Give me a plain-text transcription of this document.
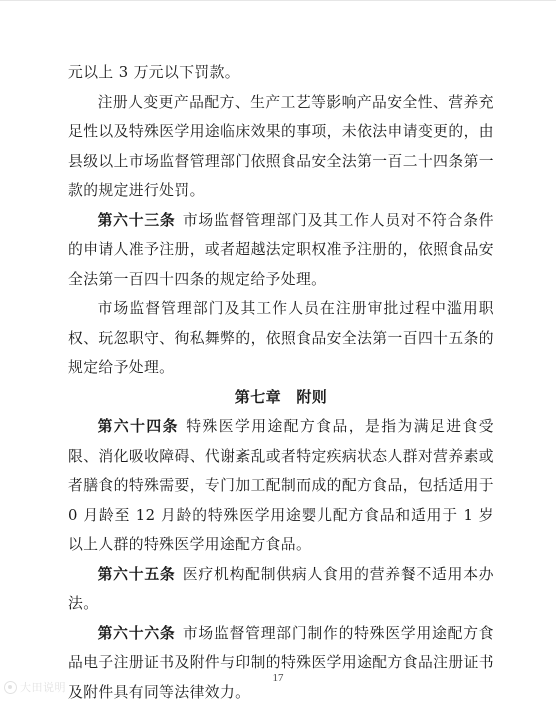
元以上 3 万元以下罚款。

注册人变更产品配方、生产工艺等影响产品安全性、营养充足性以及特殊医学用途临床效果的事项，未依法申请变更的，由县级以上市场监督管理部门依照食品安全法第一百二十四条第一款的规定进行处罚。

第六十三条 市场监督管理部门及其工作人员对不符合条件的申请人准予注册，或者超越法定职权准予注册的，依照食品安全法第一百四十四条的规定给予处理。

市场监督管理部门及其工作人员在注册审批过程中滥用职权、玩忽职守、徇私舞弊的，依照食品安全法第一百四十五条的规定给予处理。

第七章　附则

第六十四条 特殊医学用途配方食品，是指为满足进食受限、消化吸收障碍、代谢紊乱或者特定疾病状态人群对营养素或者膳食的特殊需要，专门加工配制而成的配方食品，包括适用于 0 月龄至 12 月龄的特殊医学用途婴儿配方食品和适用于 1 岁以上人群的特殊医学用途配方食品。

第六十五条 医疗机构配制供病人食用的营养餐不适用本办法。

第六十六条 市场监督管理部门制作的特殊医学用途配方食品电子注册证书及附件与印制的特殊医学用途配方食品注册证书及附件具有同等法律效力。

17
大田说明
